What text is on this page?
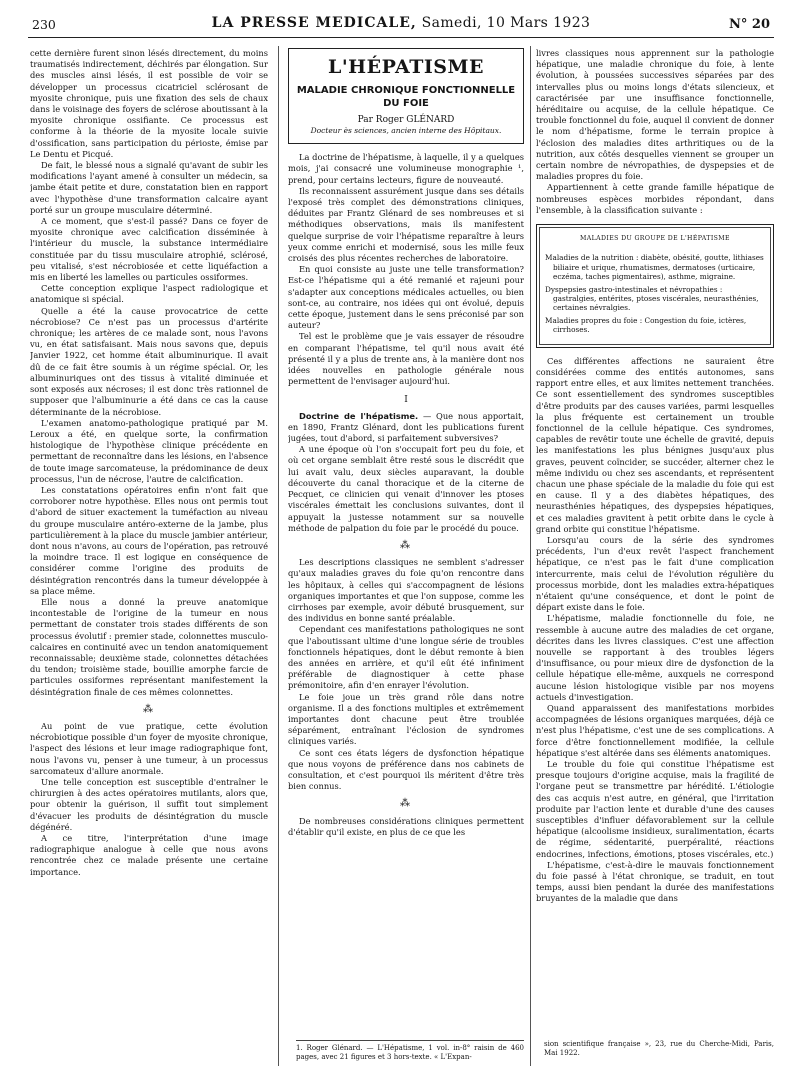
230	LA PRESSE MEDICALE, Samedi, 10 Mars 1923	N° 20

cette dernière furent sinon lésés directement, du moins traumatisés indirectement, déchirés par élongation. Sur des muscles ainsi lésés, il est possible de voir se développer un processus cicatriciel sclérosant de myosite chronique, puis une fixation des sels de chaux dans le voisinage des foyers de sclérose aboutissant à la myosite chronique ossifiante. Ce processus est conforme à la théorie de la myosite locale suivie d'ossification, sans participation du périoste, émise par Le Dentu et Picqué.

De fait, le blessé nous a signalé qu'avant de subir les modifications l'ayant amené à consulter un médecin, sa jambe était petite et dure, constatation bien en rapport avec l'hypothèse d'une transformation calcaire ayant porté sur un groupe musculaire déterminé.

A ce moment, que s'est-il passé? Dans ce foyer de myosite chronique avec calcification disséminée à l'intérieur du muscle, la substance intermédiaire constituée par du tissu musculaire atrophié, sclérosé, peu vitalisé, s'est nécrobiosée et cette liquéfaction a mis en liberté les lamelles ou particules ossiformes.

Cette conception explique l'aspect radiologique et anatomique si spécial.

Quelle a été la cause provocatrice de cette nécrobiose? Ce n'est pas un processus d'artérite chronique; les artères de ce malade sont, nous l'avons vu, en état satisfaisant. Mais nous savons que, depuis Janvier 1922, cet homme était albuminurique. Il avait dû de ce fait être soumis à un régime spécial. Or, les albuminuriques ont des tissus à vitalité diminuée et sont exposés aux nécroses; il est donc très rationnel de supposer que l'albuminurie a été dans ce cas la cause déterminante de la nécrobiose.

L'examen anatomo-pathologique pratiqué par M. Leroux a été, en quelque sorte, la confirmation histologique de l'hypothèse clinique précédente en permettant de reconnaître dans les lésions, en l'absence de toute image sarcomateuse, la prédominance de deux processus, l'un de nécrose, l'autre de calcification.

Les constatations opératoires enfin n'ont fait que corroborer notre hypothèse. Elles nous ont permis tout d'abord de situer exactement la tuméfaction au niveau du groupe musculaire antéro-externe de la jambe, plus particulièrement à la place du muscle jambier antérieur, dont nous n'avons, au cours de l'opération, pas retrouvé la moindre trace. Il est logique en conséquence de considérer comme l'origine des produits de désintégration rencontrés dans la tumeur développée à sa place même.

Elle nous a donné la preuve anatomique incontestable de l'origine de la tumeur en nous permettant de constater trois stades différents de son processus évolutif : premier stade, colonnettes musculo-calcaires en continuité avec un tendon anatomiquement reconnaissable; deuxième stade, colonnettes détachées du tendon; troisième stade, bouillie amorphe farcie de particules ossiformes représentant manifestement la désintégration finale de ces mêmes colonnettes.

⁂

Au point de vue pratique, cette évolution nécrobiotique possible d'un foyer de myosite chronique, l'aspect des lésions et leur image radiographique font, nous l'avons vu, penser à une tumeur, à un processus sarcomateux d'allure anormale.

Une telle conception est susceptible d'entraîner le chirurgien à des actes opératoires mutilants, alors que, pour obtenir la guérison, il suffit tout simplement d'évacuer les produits de désintégration du muscle dégénéré.

A ce titre, l'interprétation d'une image radiographique analogue à celle que nous avons rencontrée chez ce malade présente une certaine importance.

L'HÉPATISME
MALADIE CHRONIQUE FONCTIONNELLE DU FOIE
Par Roger GLÉNARD
Docteur ès sciences, ancien interne des Hôpitaux.

La doctrine de l'hépatisme, à laquelle, il y a quelques mois, j'ai consacré une volumineuse monographie ¹, prend, pour certains lecteurs, figure de nouveauté.

Ils reconnaissent assurément jusque dans ses détails l'exposé très complet des démonstrations cliniques, déduites par Frantz Glénard de ses nombreuses et si méthodiques observations, mais ils manifestent quelque surprise de voir l'hépatisme reparaître à leurs yeux comme enrichi et modernisé, sous les mille feux croisés des plus récentes recherches de laboratoire.

En quoi consiste au juste une telle transformation? Est-ce l'hépatisme qui a été remanié et rajeuni pour s'adapter aux conceptions médicales actuelles, ou bien sont-ce, au contraire, nos idées qui ont évolué, depuis cette époque, justement dans le sens préconisé par son auteur?

Tel est le problème que je vais essayer de résoudre en comparant l'hépatisme, tel qu'il nous avait été présenté il y a plus de trente ans, à la manière dont nos idées nouvelles en pathologie générale nous permettent de l'envisager aujourd'hui.

I

Doctrine de l'hépatisme. — Que nous apportait, en 1890, Frantz Glénard, dont les publications furent jugées, tout d'abord, si parfaitement subversives?

A une époque où l'on s'occupait fort peu du foie, et où cet organe semblait être resté sous le discrédit que lui avait valu, deux siècles auparavant, la double découverte du canal thoracique et de la citerne de Pecquet, ce clinicien qui venait d'innover les ptoses viscérales émettait les conclusions suivantes, dont il appuyait la justesse notamment sur sa nouvelle méthode de palpation du foie par le procédé du pouce.

⁂

Les descriptions classiques ne semblent s'adresser qu'aux maladies graves du foie qu'on rencontre dans les hôpitaux, à celles qui s'accompagnent de lésions organiques importantes et que l'on suppose, comme les cirrhoses par exemple, avoir débuté brusquement, sur des individus en bonne santé préalable.

Cependant ces manifestations pathologiques ne sont que l'aboutissant ultime d'une longue série de troubles fonctionnels hépatiques, dont le début remonte à bien des années en arrière, et qu'il eût été infiniment préférable de diagnostiquer à cette phase prémonitoire, afin d'en enrayer l'évolution.

Le foie joue un très grand rôle dans notre organisme. Il a des fonctions multiples et extrêmement importantes dont chacune peut être troublée séparément, entraînant l'éclosion de syndromes cliniques variés.

Ce sont ces états légers de dysfonction hépatique que nous voyons de préférence dans nos cabinets de consultation, et c'est pourquoi ils méritent d'être très bien connus.

⁂

De nombreuses considérations cliniques permettent d'établir qu'il existe, en plus de ce que les

livres classiques nous apprennent sur la pathologie hépatique, une maladie chronique du foie, à lente évolution, à poussées successives séparées par des intervalles plus ou moins longs d'états silencieux, et caractérisée par une insuffisance fonctionnelle, héréditaire ou acquise, de la cellule hépatique. Ce trouble fonctionnel du foie, auquel il convient de donner le nom d'hépatisme, forme le terrain propice à l'éclosion des maladies dites arthritiques ou de la nutrition, aux côtés desquelles viennent se grouper un certain nombre de névropathies, de dyspepsies et de maladies propres du foie.

Appartiennent à cette grande famille hépatique de nombreuses espèces morbides répondant, dans l'ensemble, à la classification suivante :

MALADIES DU GROUPE DE L'HÉPATISME

Maladies de la nutrition : diabète, obésité, goutte, lithiases biliaire et urique, rhumatismes, dermatoses (urticaire, eczéma, taches pigmentaires), asthme, migraine.

Dyspepsies gastro-intestinales et névropathies : gastralgies, entérites, ptoses viscérales, neurasthénies, certaines névralgies.

Maladies propres du foie : Congestion du foie, ictères, cirrhoses.

Ces différentes affections ne sauraient être considérées comme des entités autonomes, sans rapport entre elles, et aux limites nettement tranchées. Ce sont essentiellement des syndromes susceptibles d'être produits par des causes variées, parmi lesquelles la plus fréquente est certainement un trouble fonctionnel de la cellule hépatique. Ces syndromes, capables de revêtir toute une échelle de gravité, depuis les manifestations les plus bénignes jusqu'aux plus graves, peuvent coïncider, se succéder, alterner chez le même individu ou chez ses ascendants, et représentent chacun une phase spéciale de la maladie du foie qui est en cause. Il y a des diabètes hépatiques, des neurasthénies hépatiques, des dyspepsies hépatiques, et ces maladies gravitent à petit orbite dans le cycle à grand orbite qui constitue l'hépatisme.

Lorsqu'au cours de la série des syndromes précédents, l'un d'eux revêt l'aspect franchement hépatique, ce n'est pas le fait d'une complication intercurrente, mais celui de l'évolution régulière du processus morbide, dont les maladies extra-hépatiques n'étaient qu'une conséquence, et dont le point de départ existe dans le foie.

L'hépatisme, maladie fonctionnelle du foie, ne ressemble à aucune autre des maladies de cet organe, décrites dans les livres classiques. C'est une affection nouvelle se rapportant à des troubles légers d'insuffisance, ou pour mieux dire de dysfonction de la cellule hépatique elle-même, auxquels ne correspond aucune lésion histologique visible par nos moyens actuels d'investigation.

Quand apparaissent des manifestations morbides accompagnées de lésions organiques marquées, déjà ce n'est plus l'hépatisme, c'est une de ses complications. A force d'être fonctionnellement modifiée, la cellule hépatique s'est altérée dans ses éléments anatomiques.

Le trouble du foie qui constitue l'hépatisme est presque toujours d'origine acquise, mais la fragilité de l'organe peut se transmettre par hérédité. L'étiologie des cas acquis n'est autre, en général, que l'irritation produite par l'action lente et durable d'une des causes susceptibles d'influer défavorablement sur la cellule hépatique (alcoolisme insidieux, suralimentation, écarts de régime, sédentarité, puerpéralité, réactions endocrines, infections, émotions, ptoses viscérales, etc.)

L'hépatisme, c'est-à-dire le mauvais fonctionnement du foie passé à l'état chronique, se traduit, en tout temps, aussi bien pendant la durée des manifestations bruyantes de la maladie que dans

1. Roger Glénard. — L'Hépatisme, 1 vol. in-8° raisin de 460 pages, avec 21 figures et 3 hors-texte. « L'Expan-
sion scientifique française », 23, rue du Cherche-Midi, Paris, Mai 1922.
